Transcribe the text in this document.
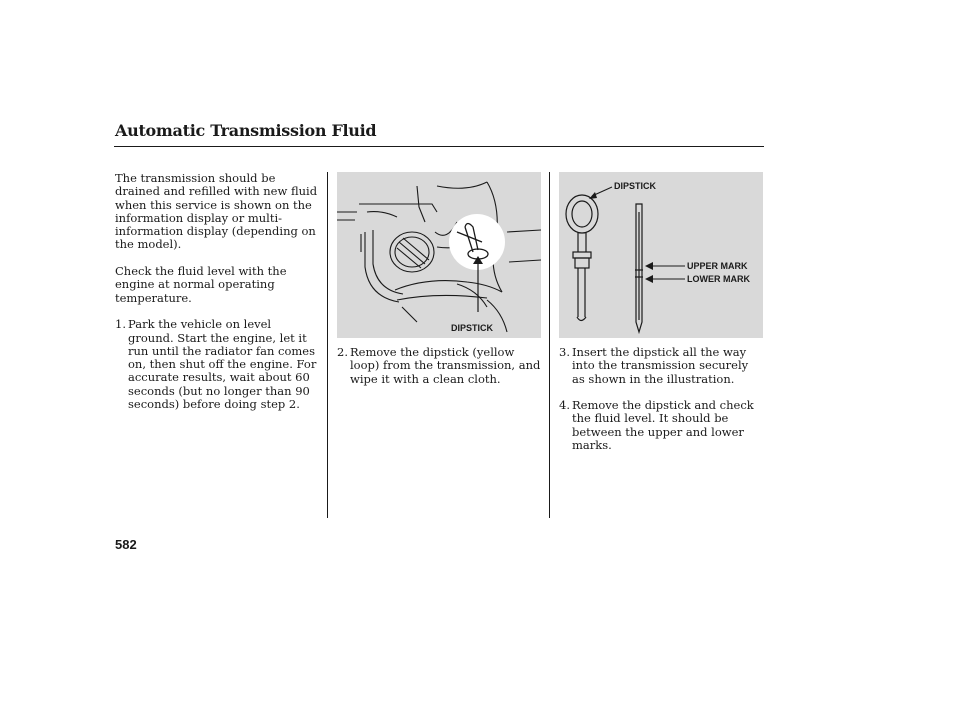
Automatic Transmission Fluid

The transmission should be drained and refilled with new fluid when this service is shown on the information display or multi-information display (depending on the model).

Check the fluid level with the engine at normal operating temperature.

1. Park the vehicle on level ground. Start the engine, let it run until the radiator fan comes on, then shut off the engine. For accurate results, wait about 60 seconds (but no longer than 90 seconds) before doing step 2.
DIPSTICK
2. Remove the dipstick (yellow loop) from the transmission, and wipe it with a clean cloth.
DIPSTICK
UPPER MARK
LOWER MARK
3. Insert the dipstick all the way into the transmission securely as shown in the illustration.
4. Remove the dipstick and check the fluid level. It should be between the upper and lower marks.
582
